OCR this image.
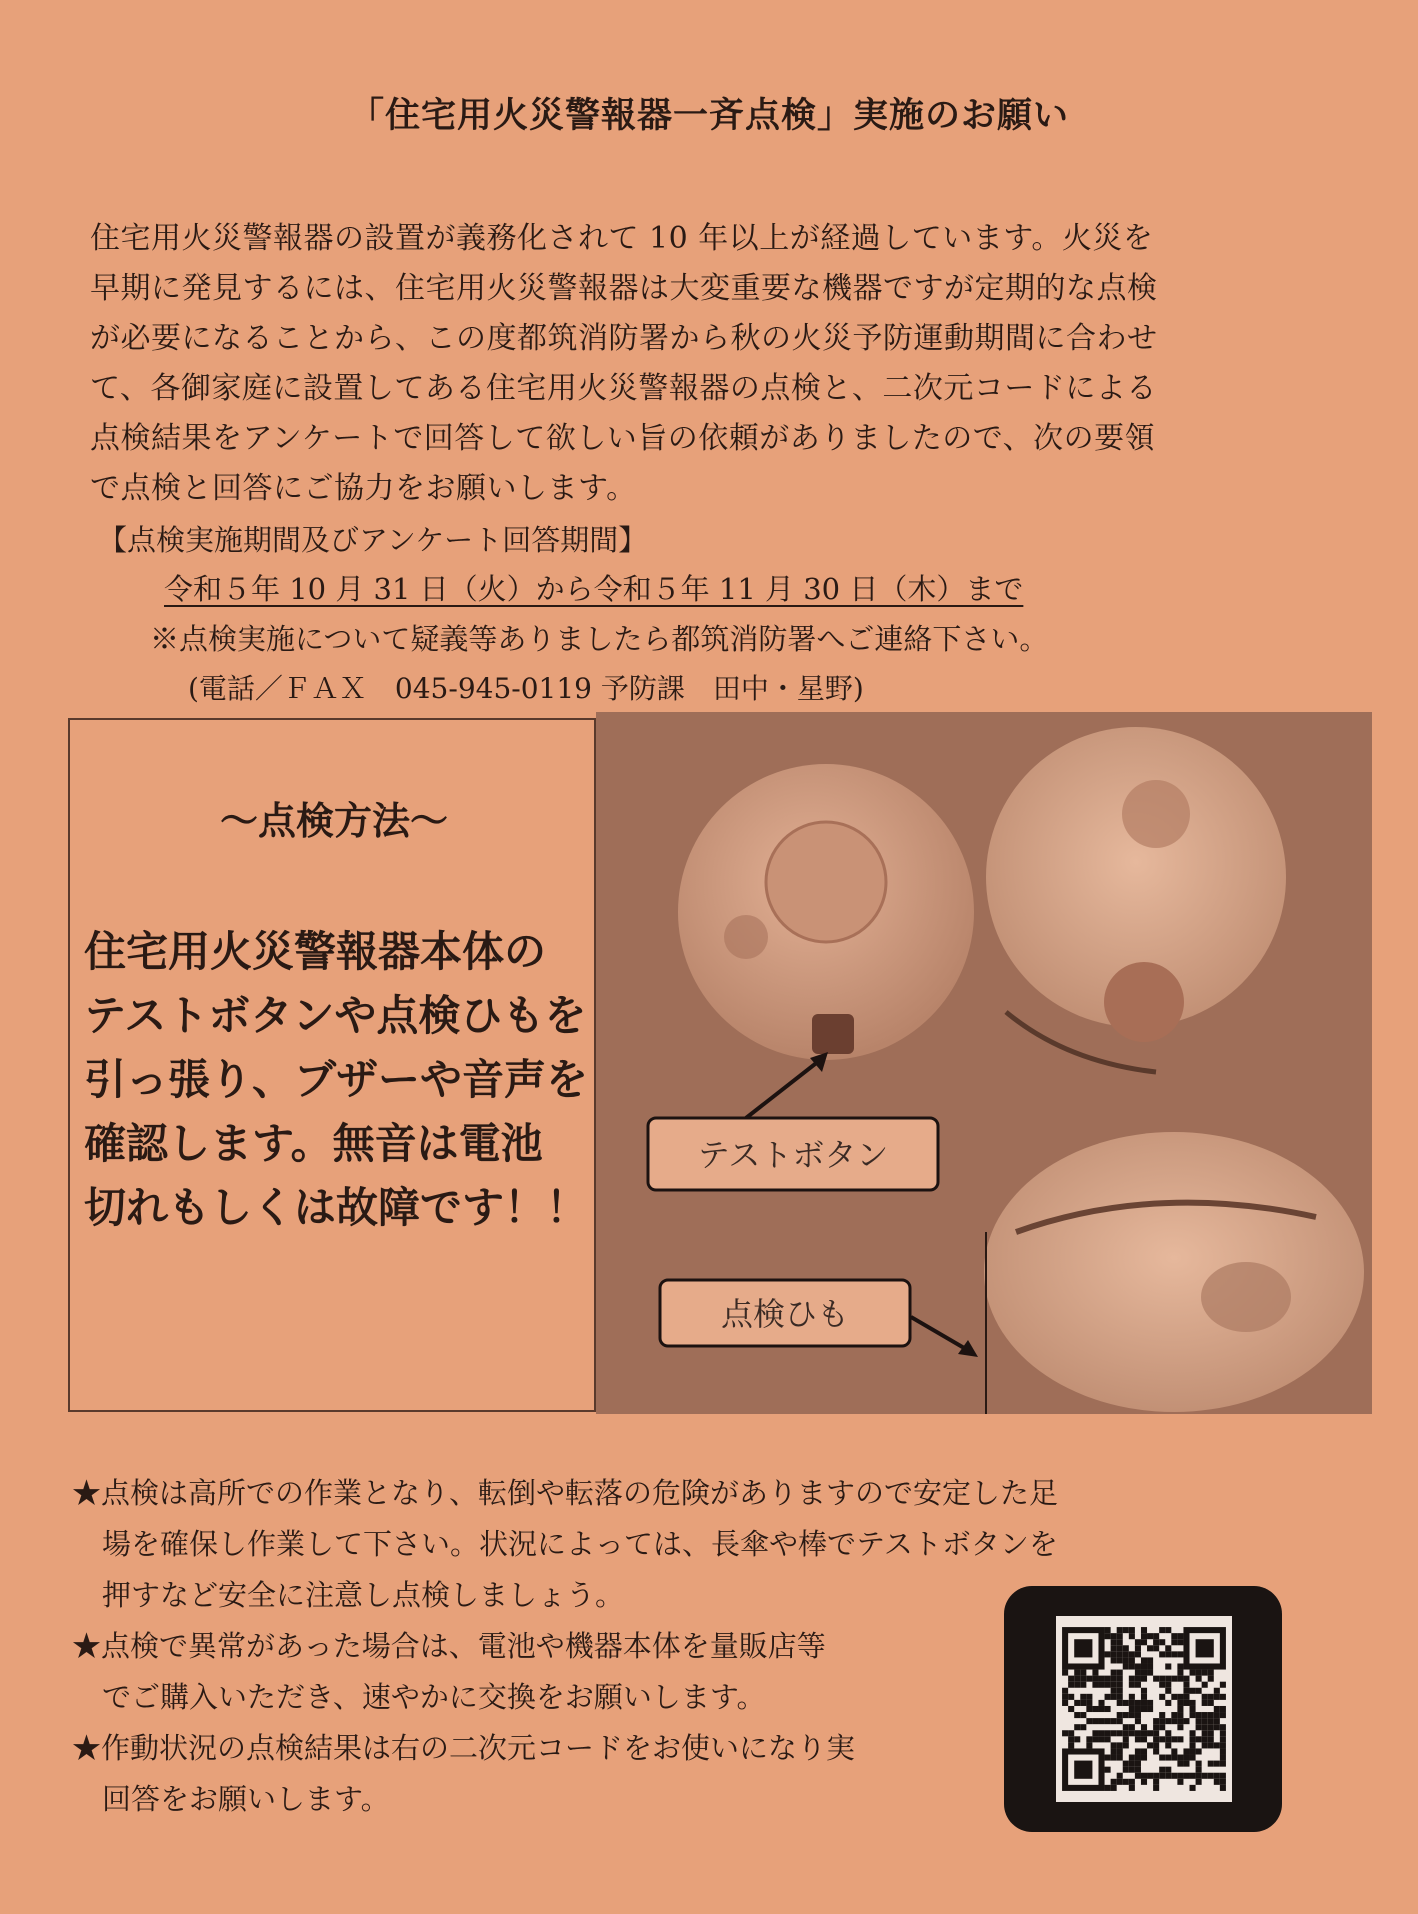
「住宅用火災警報器一斉点検」実施のお願い
住宅用火災警報器の設置が義務化されて 10 年以上が経過しています。火災を
早期に発見するには、住宅用火災警報器は大変重要な機器ですが定期的な点検
が必要になることから、この度都筑消防署から秋の火災予防運動期間に合わせ
て、各御家庭に設置してある住宅用火災警報器の点検と、二次元コードによる
点検結果をアンケートで回答して欲しい旨の依頼がありましたので、次の要領
で点検と回答にご協力をお願いします。
【点検実施期間及びアンケート回答期間】
令和５年 10 月 31 日（火）から令和５年 11 月 30 日（木）まで
※点検実施について疑義等ありましたら都筑消防署へご連絡下さい。
(電話／ＦＡＸ　045-945-0119 予防課　田中・星野)
～点検方法～
住宅用火災警報器本体の
テストボタンや点検ひもを
引っ張り、ブザーや音声を
確認します。無音は電池
切れもしくは故障です！！
テストボタン
点検ひも
★点検は高所での作業となり、転倒や転落の危険がありますので安定した足
場を確保し作業して下さい。状況によっては、長傘や棒でテストボタンを
押すなど安全に注意し点検しましょう。
★点検で異常があった場合は、電池や機器本体を量販店等
でご購入いただき、速やかに交換をお願いします。
★作動状況の点検結果は右の二次元コードをお使いになり実
回答をお願いします。
